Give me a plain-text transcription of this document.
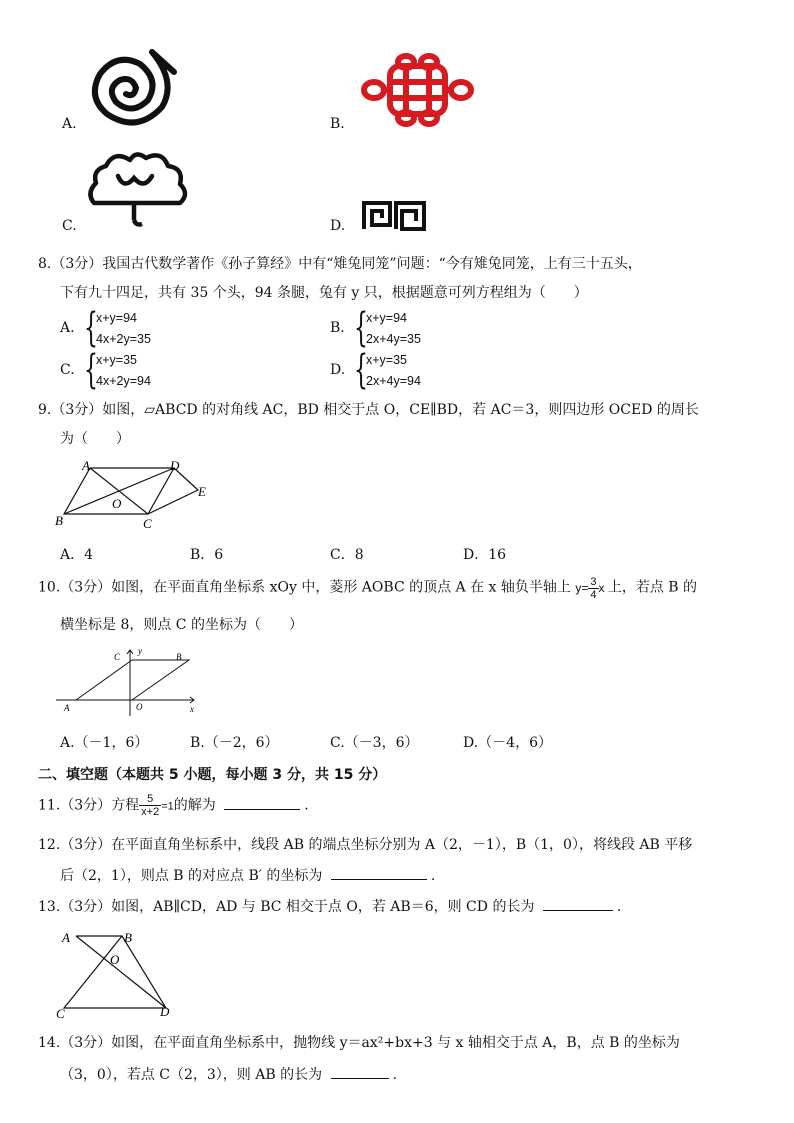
A.	B.
C.	D.
8.（3分）我国古代数学著作《孙子算经》中有“雉兔同笼”问题：“今有雉兔同笼，上有三十五头，
下有九十四足，共有 35 个头，94 条腿，兔有 y 只，根据题意可列方程组为（　　）
A. {
x+y=94
4x+2y=35
B. {
x+y=94
2x+4y=35
C. {
x+y=35
4x+2y=94
D. {
x+y=35
2x+4y=94
9.（3分）如图，▱ABCD 的对角线 AC，BD 相交于点 O，CE∥BD，若 AC＝3，则四边形 OCED 的周长
为（　　）
A	D
E
O
B	C
A．4	B．6	C．8	D．16
10.（3分）如图，在平面直角坐标系 xOy 中，菱形 AOBC 的顶点 A 在 x 轴负半轴上 $y= \frac{3}{4}$ x 上，若点 B 的
横坐标是 8，则点 C 的坐标为（　　）
C
y
B
A	O	x
A.（－1，6）	B.（－2，6）	C.（－3，6）	D.（－4，6）
二、填空题（本题共 5 小题，每小题 3 分，共 15 分）
11.（3分）方程 $\frac{5}{x+2} =1$的解为	.
12.（3分）在平面直角坐标系中，线段 AB 的端点坐标分别为 A（2，－1），B（1，0），将线段 AB 平移
后（2，1），则点 B 的对应点 B′ 的坐标为	.
13.（3分）如图，AB∥CD，AD 与 BC 相交于点 O，若 AB＝6，则 CD 的长为	.
A	B
O
C	D
14.（3分）如图，在平面直角坐标系中，抛物线 y＝ax²+bx+3 与 x 轴相交于点 A，B，点 B 的坐标为
（3，0），若点 C（2，3），则 AB 的长为	.
